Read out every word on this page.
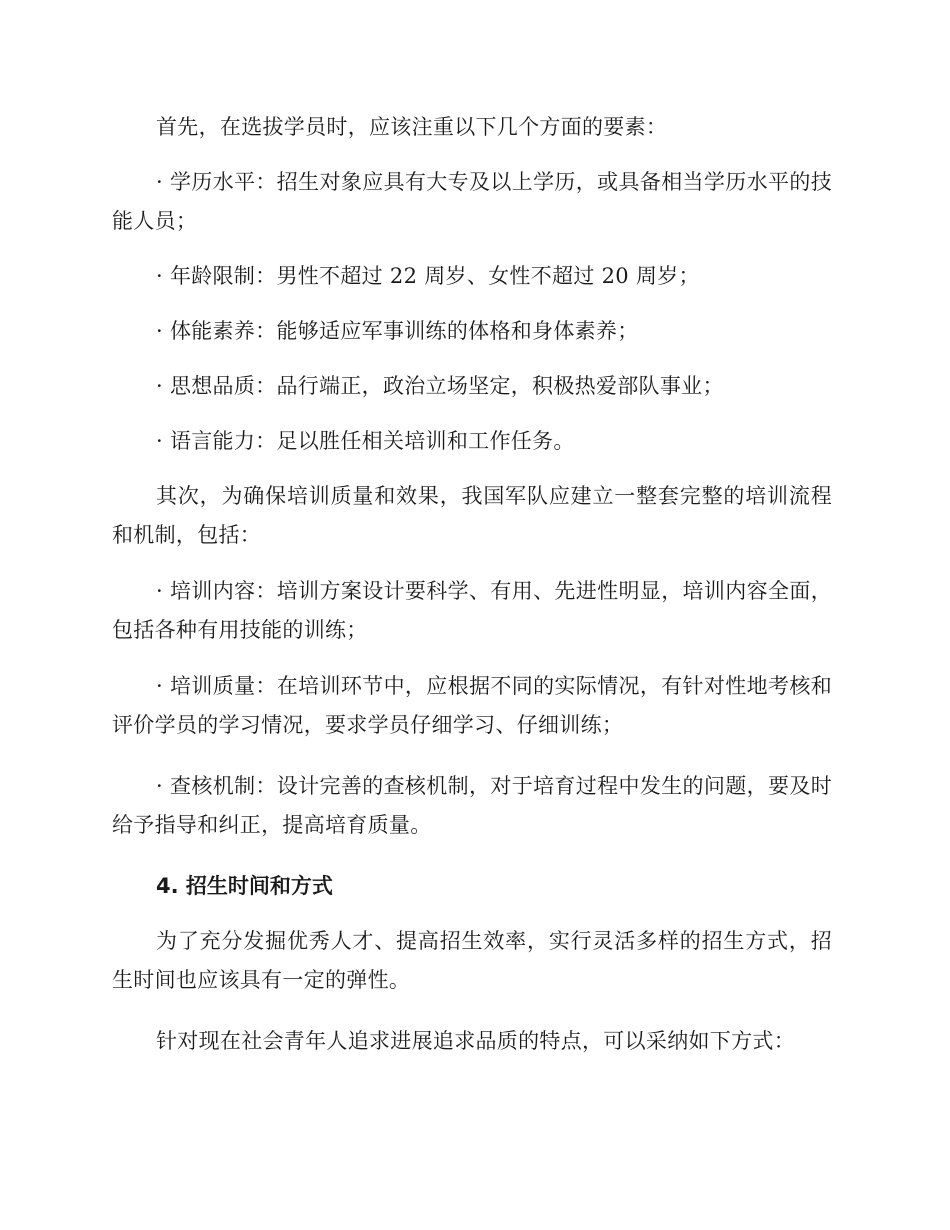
首先，在选拔学员时，应该注重以下几个方面的要素：

· 学历水平：招生对象应具有大专及以上学历，或具备相当学历水平的技能人员；

· 年龄限制：男性不超过 22 周岁、女性不超过 20 周岁；

· 体能素养：能够适应军事训练的体格和身体素养；

· 思想品质：品行端正，政治立场坚定，积极热爱部队事业；

· 语言能力：足以胜任相关培训和工作任务。

其次，为确保培训质量和效果，我国军队应建立一整套完整的培训流程和机制，包括：

· 培训内容：培训方案设计要科学、有用、先进性明显，培训内容全面，包括各种有用技能的训练；

· 培训质量：在培训环节中，应根据不同的实际情况，有针对性地考核和评价学员的学习情况，要求学员仔细学习、仔细训练；

· 查核机制：设计完善的查核机制，对于培育过程中发生的问题，要及时给予指导和纠正，提高培育质量。

4. 招生时间和方式

为了充分发掘优秀人才、提高招生效率，实行灵活多样的招生方式，招生时间也应该具有一定的弹性。

针对现在社会青年人追求进展追求品质的特点，可以采纳如下方式：
